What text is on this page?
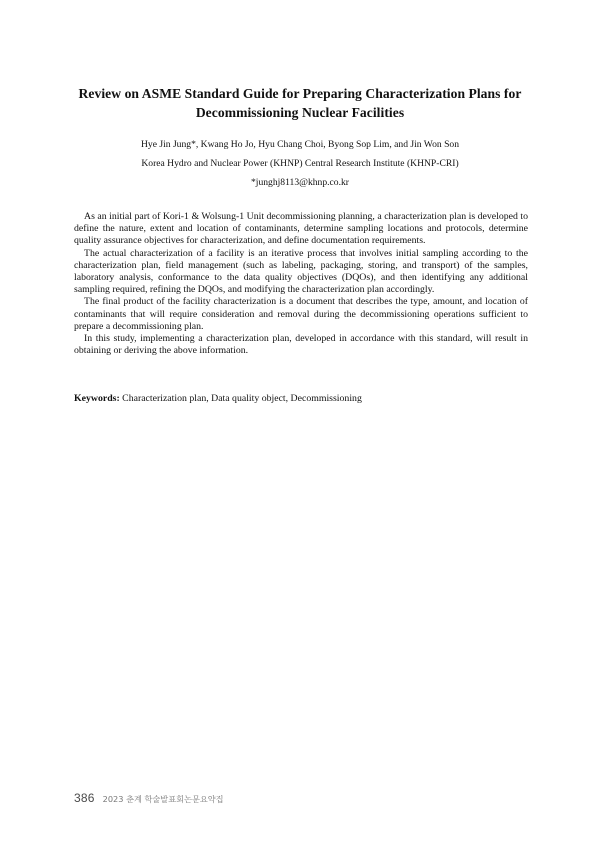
Review on ASME Standard Guide for Preparing Characterization Plans for
Decommissioning Nuclear Facilities
Hye Jin Jung*, Kwang Ho Jo, Hyu Chang Choi, Byong Sop Lim, and Jin Won Son
Korea Hydro and Nuclear Power (KHNP) Central Research Institute (KHNP-CRI)
*junghj8113@khnp.co.kr

As an initial part of Kori-1 & Wolsung-1 Unit decommissioning planning, a characterization plan is developed to define the nature, extent and location of contaminants, determine sampling locations and protocols, determine quality assurance objectives for characterization, and define documentation requirements.

The actual characterization of a facility is an iterative process that involves initial sampling according to the characterization plan, field management (such as labeling, packaging, storing, and transport) of the samples, laboratory analysis, conformance to the data quality objectives (DQOs), and then identifying any additional sampling required, refining the DQOs, and modifying the characterization plan accordingly.

The final product of the facility characterization is a document that describes the type, amount, and location of contaminants that will require consideration and removal during the decommissioning operations sufficient to prepare a decommissioning plan.

In this study, implementing a characterization plan, developed in accordance with this standard, will result in obtaining or deriving the above information.

Keywords: Characterization plan, Data quality object, Decommissioning
386 2023 춘계 학술발표회논문요약집
